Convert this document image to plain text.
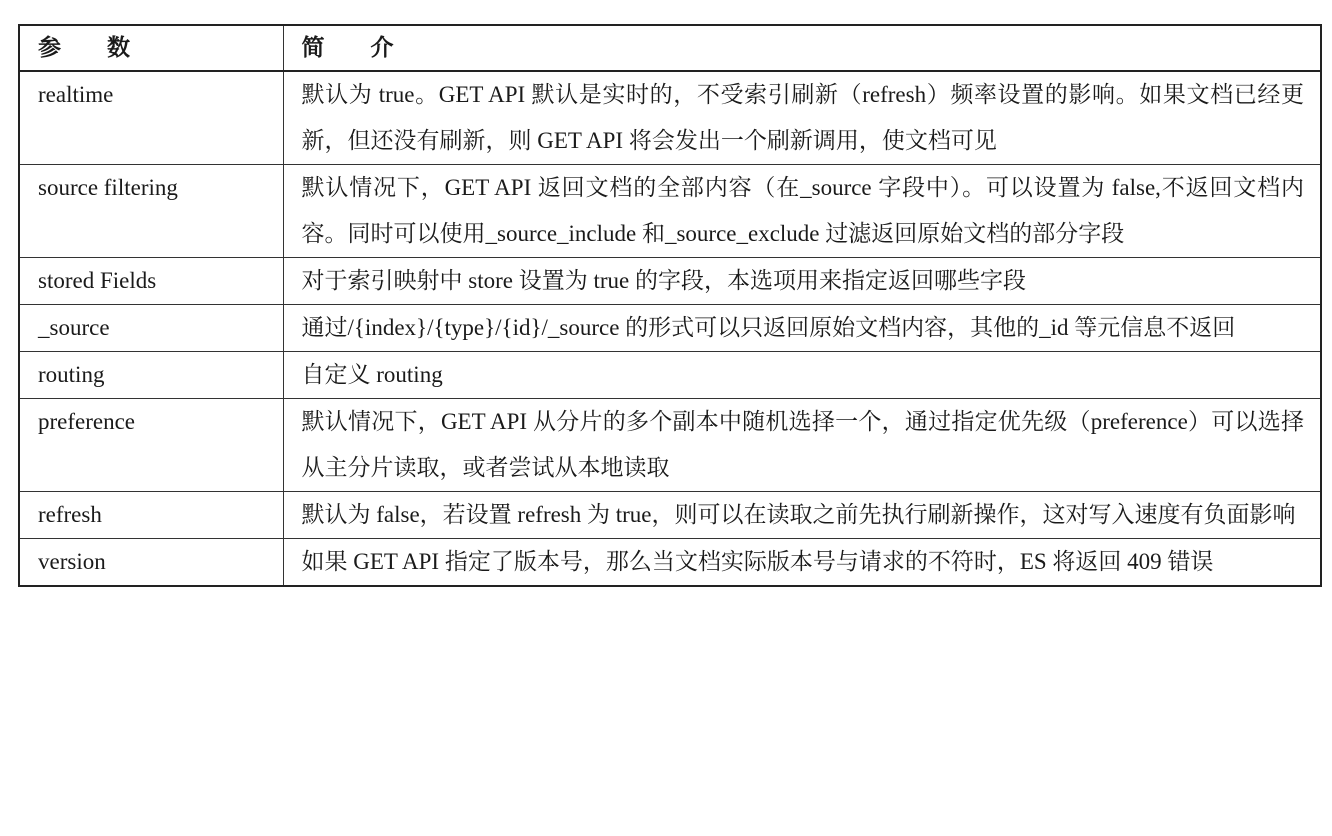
参　　数	简　　介
realtime	默认为 true。GET API 默认是实时的，不受索引刷新（refresh）频率设置的影响。如果文档已经更新，但还没有刷新，则 GET API 将会发出一个刷新调用，使文档可见
source filtering	默认情况下，GET API 返回文档的全部内容（在_source 字段中）。可以设置为 false,不返回文档内容。同时可以使用_source_include 和_source_exclude 过滤返回原始文档的部分字段
stored Fields	对于索引映射中 store 设置为 true 的字段，本选项用来指定返回哪些字段
_source	通过/{index}/{type}/{id}/_source 的形式可以只返回原始文档内容，其他的_id 等元信息不返回
routing	自定义 routing
preference	默认情况下，GET API 从分片的多个副本中随机选择一个，通过指定优先级（preference）可以选择从主分片读取，或者尝试从本地读取
refresh	默认为 false，若设置 refresh 为 true，则可以在读取之前先执行刷新操作，这对写入速度有负面影响
version	如果 GET API 指定了版本号，那么当文档实际版本号与请求的不符时，ES 将返回 409 错误
